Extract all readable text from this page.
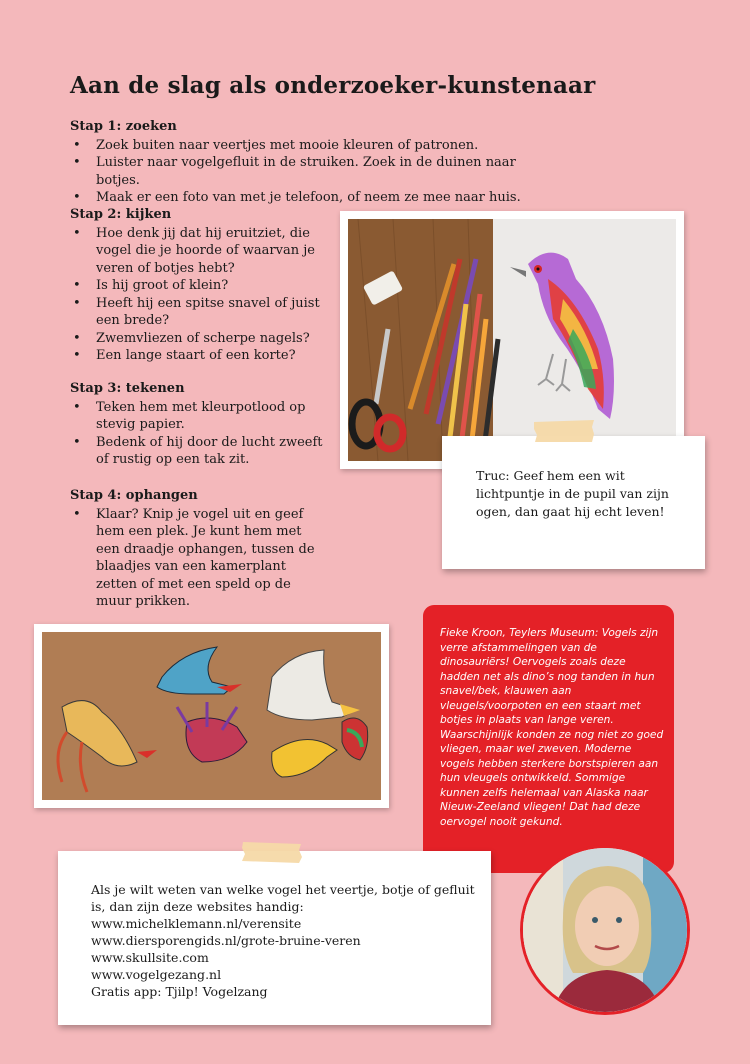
Aan de slag als onderzoeker-kunstenaar
Stap 1: zoeken
• Zoek buiten naar veertjes met mooie kleuren of patronen.
• Luister naar vogelgefluit in de struiken. Zoek in de duinen naar botjes.
• Maak er een foto van met je telefoon, of neem ze mee naar huis.
Stap 2: kijken
• Hoe denk jij dat hij eruitziet, die vogel die je hoorde of waarvan je veren of botjes hebt?
• Is hij groot of klein?
• Heeft hij een spitse snavel of juist een brede?
• Zwemvliezen of scherpe nagels?
• Een lange staart of een korte?
Stap 3: tekenen
• Teken hem met kleurpotlood op stevig papier.
• Bedenk of hij door de lucht zweeft of rustig op een tak zit.
Stap 4: ophangen
• Klaar? Knip je vogel uit en geef hem een plek. Je kunt hem met een draadje ophangen, tussen de blaadjes van een kamerplant zetten of met een speld op de muur prikken.

Truc: Geef hem een wit lichtpuntje in de pupil van zijn ogen, dan gaat hij echt leven!

Fieke Kroon, Teylers Museum: Vogels zijn verre afstammelingen van de dinosauriërs! Oervogels zoals deze hadden net als dino’s nog tanden in hun snavel/bek, klauwen aan vleugels/voorpoten en een staart met botjes in plaats van lange veren. Waarschijnlijk konden ze nog niet zo goed vliegen, maar wel zweven. Moderne vogels hebben sterkere borstspieren aan hun vleugels ontwikkeld. Sommige kunnen zelfs helemaal van Alaska naar Nieuw-Zeeland vliegen! Dat had deze oervogel nooit gekund.

Als je wilt weten van welke vogel het veertje, botje of gefluit is, dan zijn deze websites handig:
www.michelklemann.nl/verensite
www.diersporengids.nl/grote-bruine-veren
www.skullsite.com
www.vogelgezang.nl
Gratis app: Tjilp! Vogelzang
